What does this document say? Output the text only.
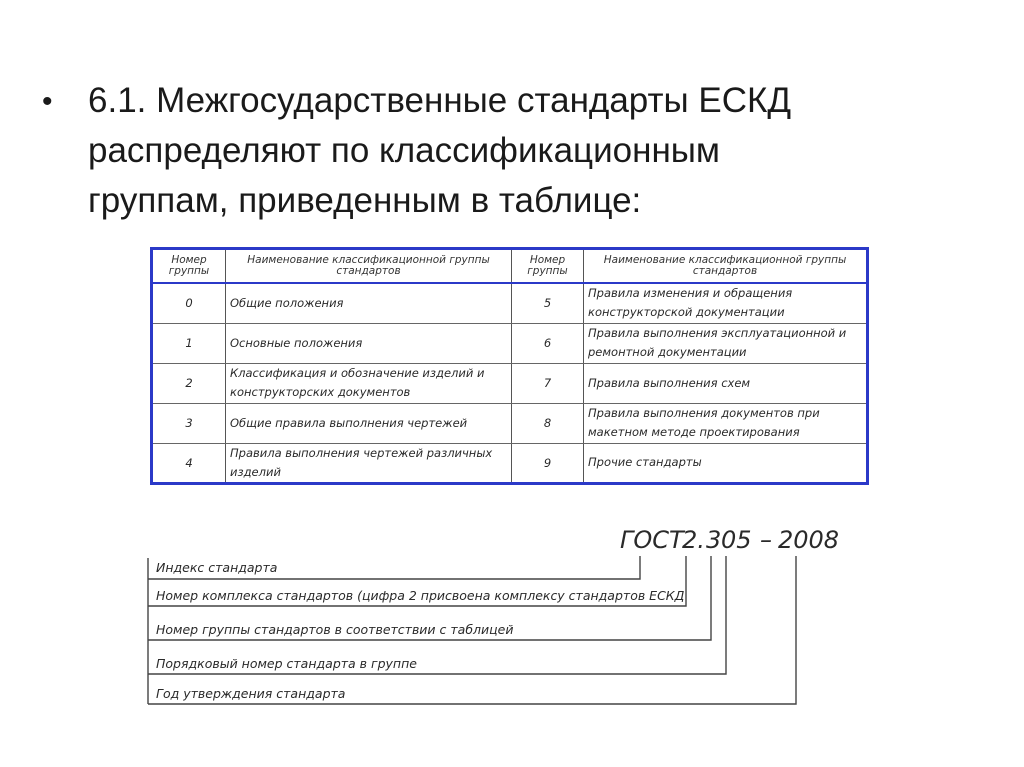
•	6.1. Межгосударственные стандарты ЕСКД
распределяют по классификационным
группам, приведенным в таблице:
Номер группы	Наименование классификационной группы стандартов	Номер группы	Наименование классификационной группы стандартов
0	Общие положения	5	Правила изменения и обращения конструкторской документации
1	Основные положения	6	Правила выполнения эксплуатационной и ремонтной документации
2	Классификация и обозначение изделий и конструкторских документов	7	Правила выполнения схем
3	Общие правила выполнения чертежей	8	Правила выполнения документов при макетном методе проектирования
4	Правила выполнения чертежей различных изделий	9	Прочие стандарты
ГОСТ
2. 3 05 – 2008
Индекс стандарта
Номер комплекса стандартов (цифра 2 присвоена комплексу стандартов ЕСКД
Номер группы стандартов в соответствии с таблицей
Порядковый номер стандарта в группе
Год утверждения стандарта
